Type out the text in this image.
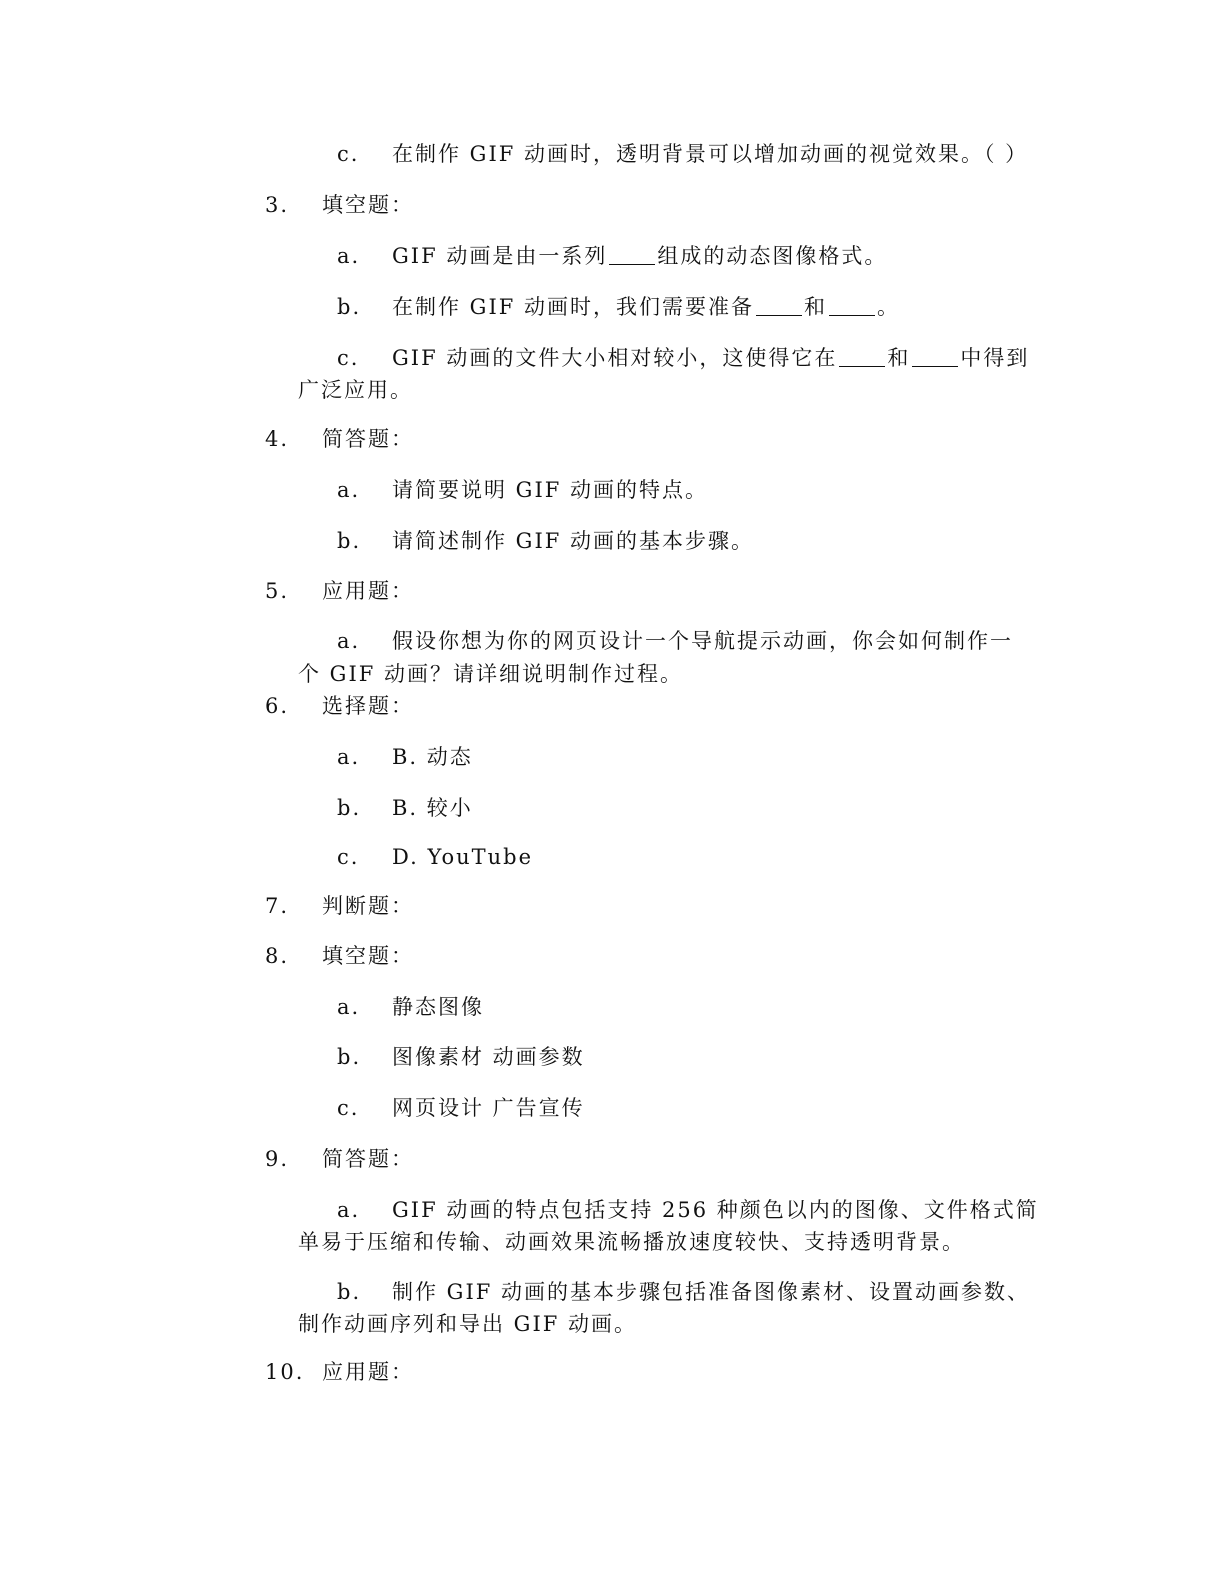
c. 在制作 GIF 动画时，透明背景可以增加动画的视觉效果。（ ）
3. 填空题：
a. GIF 动画是由一系列 组成的动态图像格式。
b. 在制作 GIF 动画时，我们需要准备 和 。
c. GIF 动画的文件大小相对较小，这使得它在 和 中得到
广泛应用。
4. 简答题：
a. 请简要说明 GIF 动画的特点。
b. 请简述制作 GIF 动画的基本步骤。
5. 应用题：
a. 假设你想为你的网页设计一个导航提示动画，你会如何制作一
个 GIF 动画？请详细说明制作过程。
6. 选择题：
a. B. 动态
b. B. 较小
c. D. YouTube
7. 判断题：
8. 填空题：
a. 静态图像
b. 图像素材 动画参数
c. 网页设计 广告宣传
9. 简答题：
a. GIF 动画的特点包括支持 256 种颜色以内的图像、文件格式简
单易于压缩和传输、动画效果流畅播放速度较快、支持透明背景。
b. 制作 GIF 动画的基本步骤包括准备图像素材、设置动画参数、
制作动画序列和导出 GIF 动画。
10. 应用题：
